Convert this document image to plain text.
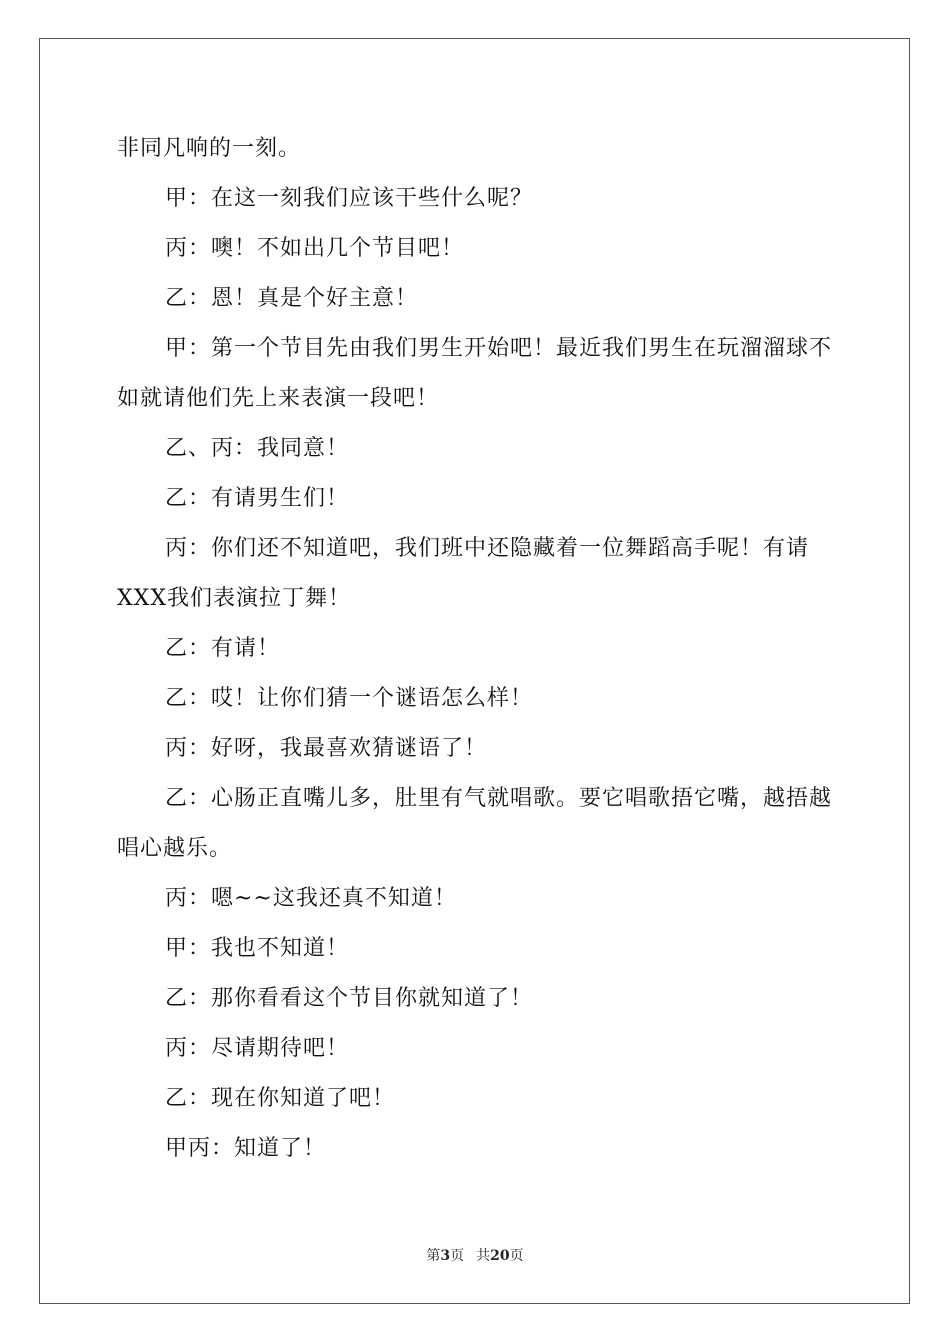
非同凡响的一刻。

甲：在这一刻我们应该干些什么呢？

丙：噢！不如出几个节目吧！

乙：恩！真是个好主意！

甲：第一个节目先由我们男生开始吧！最近我们男生在玩溜溜球不如就请他们先上来表演一段吧！

乙、丙：我同意！

乙：有请男生们！

丙：你们还不知道吧，我们班中还隐藏着一位舞蹈高手呢！有请XXX我们表演拉丁舞！

乙：有请！

乙：哎！让你们猜一个谜语怎么样！

丙：好呀，我最喜欢猜谜语了！

乙：心肠正直嘴儿多，肚里有气就唱歌。要它唱歌捂它嘴，越捂越唱心越乐。

丙：嗯~~这我还真不知道！

甲：我也不知道！

乙：那你看看这个节目你就知道了！

丙：尽请期待吧！

乙：现在你知道了吧！

甲丙：知道了！

第3页 共20页
